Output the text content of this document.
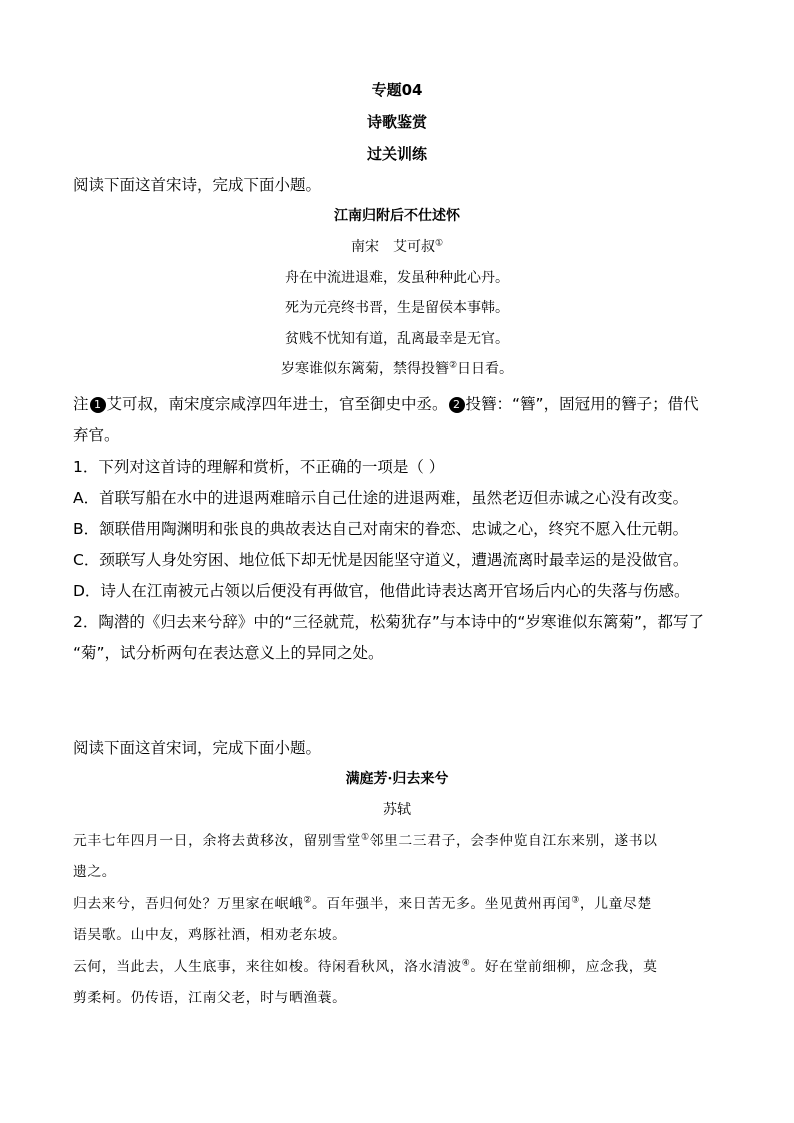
专题04
诗歌鉴赏
过关训练
阅读下面这首宋诗，完成下面小题。
江南归附后不仕述怀
南宋　艾可叔①
舟在中流进退难，发虽种种此心丹。
死为元亮终书晋，生是留侯本事韩。
贫贱不忧知有道，乱离最幸是无官。
岁寒谁似东篱菊，禁得投簪②日日看。
注 1 艾可叔，南宋度宗咸淳四年进士，官至御史中丞。 2 投簪：“簪”，固冠用的簪子；借代
弃官。
1．下列对这首诗的理解和赏析，不正确的一项是（ ）
A．首联写船在水中的进退两难暗示自己仕途的进退两难，虽然老迈但赤诚之心没有改变。
B．颔联借用陶渊明和张良的典故表达自己对南宋的眷恋、忠诚之心，终究不愿入仕元朝。
C．颈联写人身处穷困、地位低下却无忧是因能坚守道义，遭遇流离时最幸运的是没做官。
D．诗人在江南被元占领以后便没有再做官，他借此诗表达离开官场后内心的失落与伤感。
2．陶潜的《归去来兮辞》中的“三径就荒，松菊犹存”与本诗中的“岁寒谁似东篱菊”，都写了
“菊”，试分析两句在表达意义上的异同之处。
阅读下面这首宋词，完成下面小题。
满庭芳·归去来兮
苏轼
元丰七年四月一日，余将去黄移汝，留别雪堂①邻里二三君子，会李仲览自江东来别，遂书以
遗之。
归去来兮，吾归何处？万里家在岷峨②。百年强半，来日苦无多。坐见黄州再闰③，儿童尽楚
语吴歌。山中友，鸡豚社酒，相劝老东坡。
云何，当此去，人生底事，来往如梭。待闲看秋风，洛水清波④。好在堂前细柳，应念我，莫
剪柔柯。仍传语，江南父老，时与晒渔蓑。
